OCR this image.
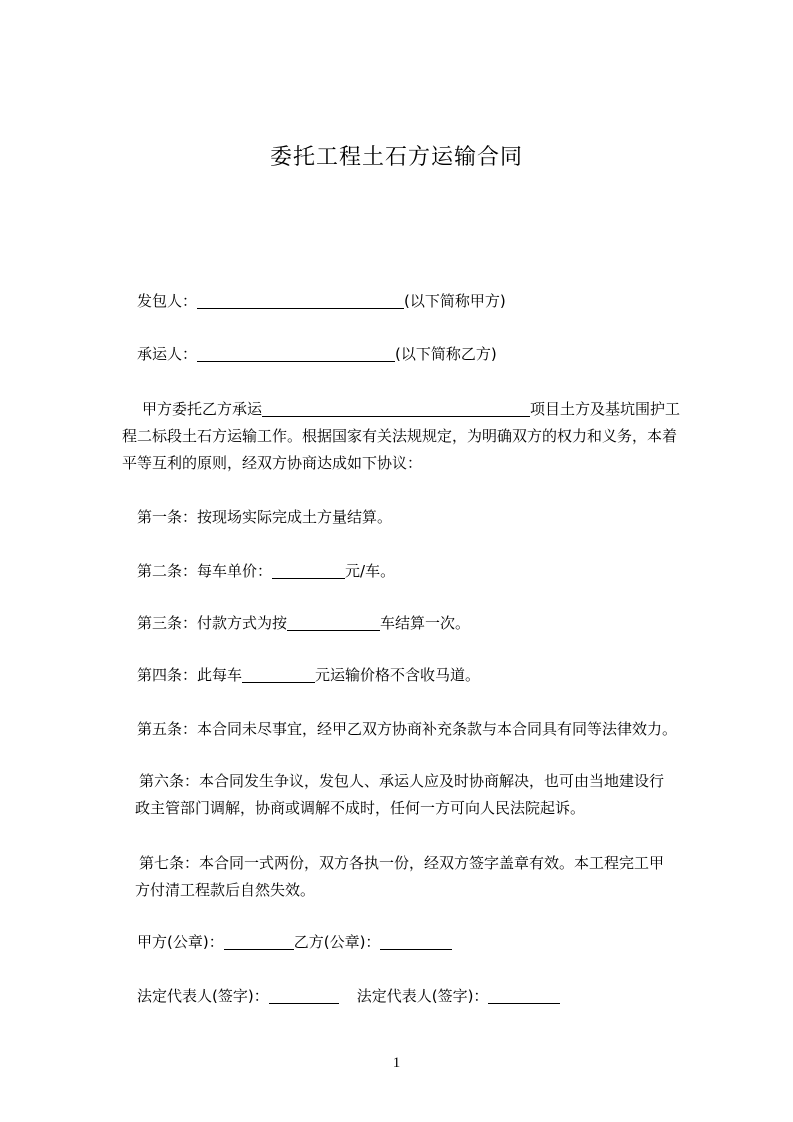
委托工程土石方运输合同
发包人：	(以下简称甲方)
承运人：	(以下简称乙方)
甲方委托乙方承运	项目土方及基坑围护工
程二标段土石方运输工作。根据国家有关法规规定，为明确双方的权力和义务，本着
平等互利的原则，经双方协商达成如下协议：
第一条：按现场实际完成土方量结算。
第二条：每车单价：	元/车。
第三条：付款方式为按	车结算一次。
第四条：此每车	元运输价格不含收马道。
第五条：本合同未尽事宜，经甲乙双方协商补充条款与本合同具有同等法律效力。
第六条：本合同发生争议，发包人、承运人应及时协商解决，也可由当地建设行
政主管部门调解，协商或调解不成时，任何一方可向人民法院起诉。
第七条：本合同一式两份，双方各执一份，经双方签字盖章有效。本工程完工甲
方付清工程款后自然失效。
甲方(公章)：	乙方(公章)：
法定代表人(签字)：	法定代表人(签字)：
1
